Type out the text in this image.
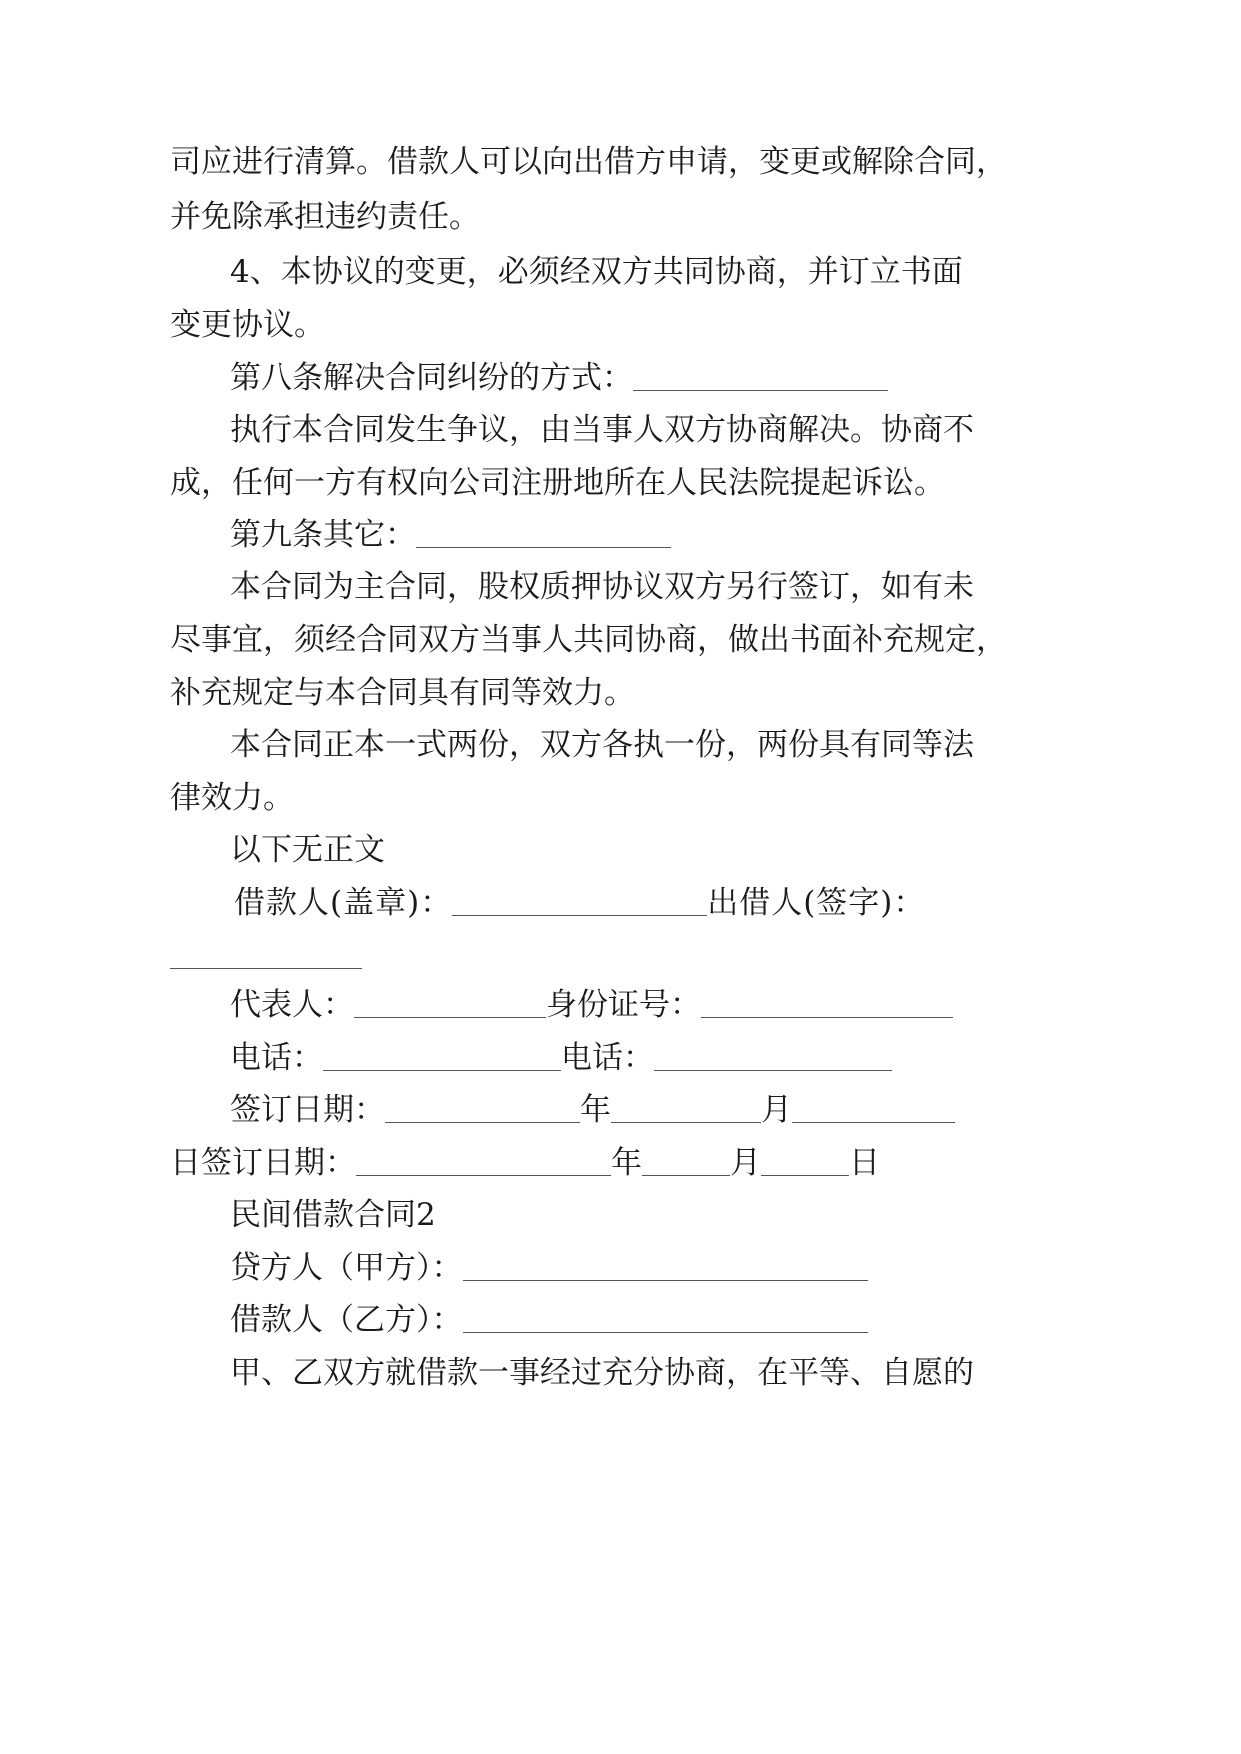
司应进行清算。借款人可以向出借方申请，变更或解除合同，
并免除承担违约责任。
4、本协议的变更，必须经双方共同协商，并订立书面
变更协议。
第八条解决合同纠纷的方式：
执行本合同发生争议，由当事人双方协商解决。协商不
成，任何一方有权向公司注册地所在人民法院提起诉讼。
第九条其它：
本合同为主合同，股权质押协议双方另行签订，如有未
尽事宜，须经合同双方当事人共同协商，做出书面补充规定，
补充规定与本合同具有同等效力。
本合同正本一式两份，双方各执一份，两份具有同等法
律效力。
以下无正文
借款人(盖章)：	出借人(签字)：
代表人：	身份证号：
电话：	电话：
签订日期：	年	月
日签订日期：	年	月	日
民间借款合同2
贷方人（甲方）：
借款人（乙方）：
甲、乙双方就借款一事经过充分协商，在平等、自愿的
